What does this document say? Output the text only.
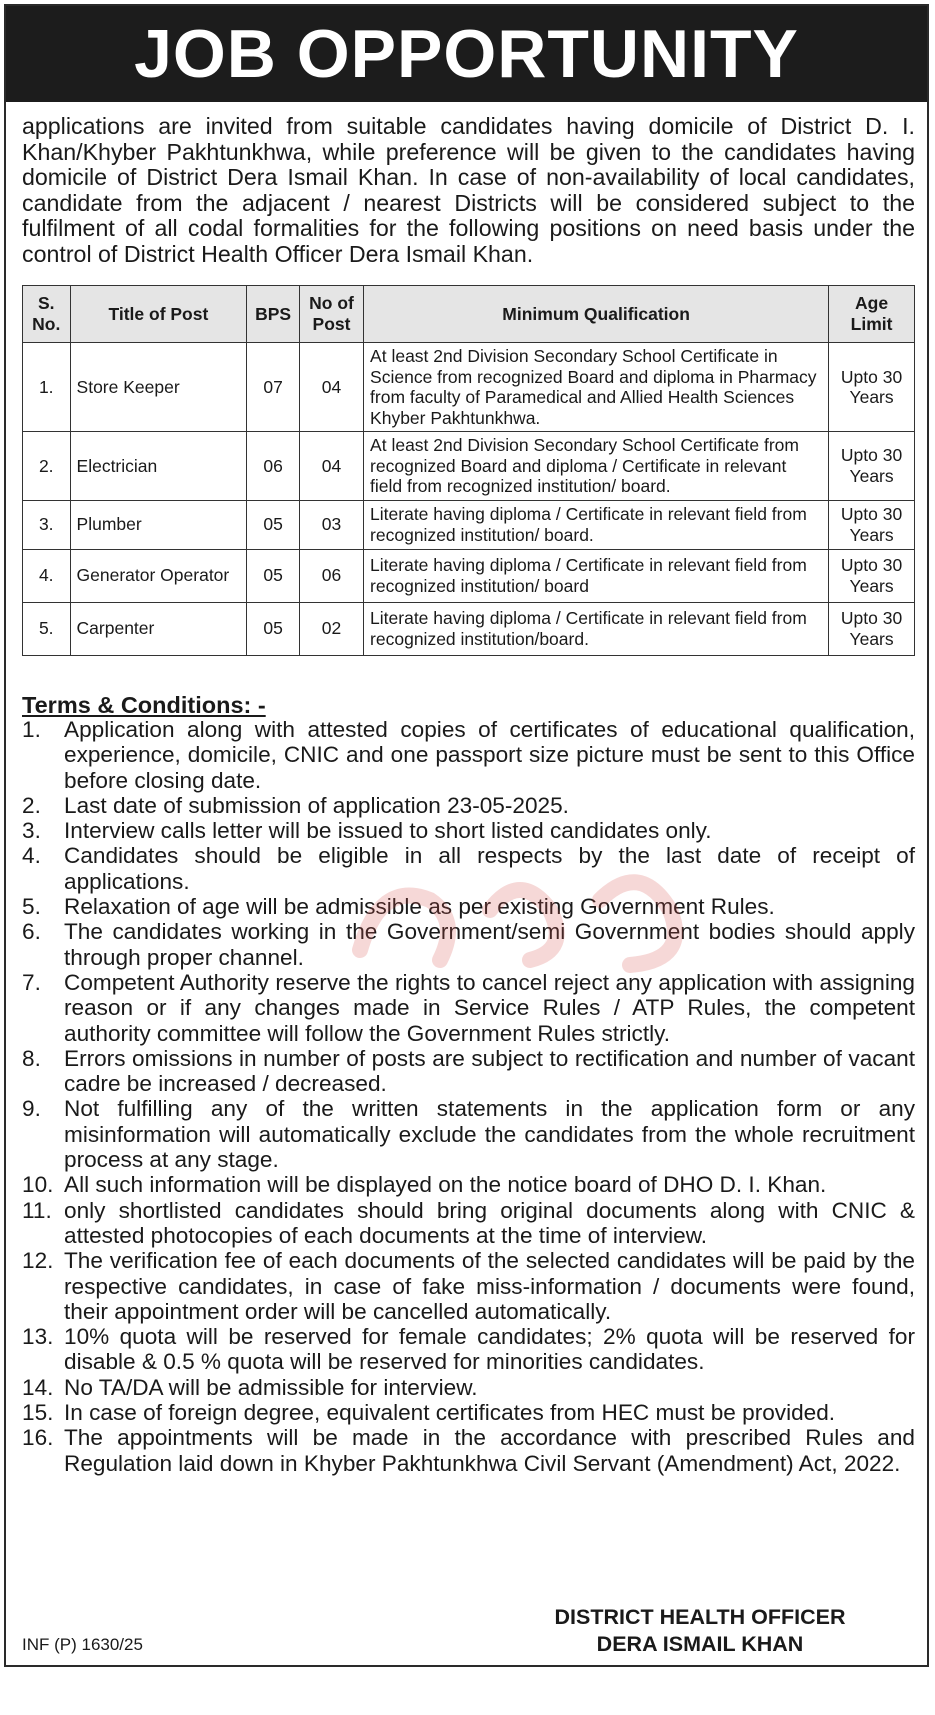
JOB OPPORTUNITY
applications are invited from suitable candidates having domicile of District D. I. Khan/Khyber Pakhtunkhwa, while preference will be given to the candidates having domicile of District Dera Ismail Khan. In case of non-availability of local candidates, candidate from the adjacent / nearest Districts will be considered subject to the fulfilment of all codal formalities for the following positions on need basis under the control of District Health Officer Dera Ismail Khan.
S. No.	Title of Post	BPS	No of Post	Minimum Qualification	Age Limit
1.	Store Keeper	07	04	At least 2nd Division Secondary School Certificate in Science from recognized Board and diploma in Pharmacy from faculty of Paramedical and Allied Health Sciences Khyber Pakhtunkhwa.	Upto 30 Years
2.	Electrician	06	04	At least 2nd Division Secondary School Certificate from recognized Board and diploma / Certificate in relevant field from recognized institution/ board.	Upto 30 Years
3.	Plumber	05	03	Literate having diploma / Certificate in relevant field from recognized institution/ board.	Upto 30 Years
4.	Generator Operator	05	06	Literate having diploma / Certificate in relevant field from recognized institution/ board	Upto 30 Years
5.	Carpenter	05	02	Literate having diploma / Certificate in relevant field from recognized institution/board.	Upto 30 Years
Terms & Conditions: -
1.	Application along with attested copies of certificates of educational qualification, experience, domicile, CNIC and one passport size picture must be sent to this Office before closing date.
2.	Last date of submission of application 23-05-2025.
3.	Interview calls letter will be issued to short listed candidates only.
4.	Candidates should be eligible in all respects by the last date of receipt of applications.
5.	Relaxation of age will be admissible as per existing Government Rules.
6.	The candidates working in the Government/semi Government bodies should apply through proper channel.
7.	Competent Authority reserve the rights to cancel reject any application with assigning reason or if any changes made in Service Rules / ATP Rules, the competent authority committee will follow the Government Rules strictly.
8.	Errors omissions in number of posts are subject to rectification and number of vacant cadre be increased / decreased.
9.	Not fulfilling any of the written statements in the application form or any misinformation will automatically exclude the candidates from the whole recruitment process at any stage.
10. All such information will be displayed on the notice board of DHO D. I. Khan.
11. only shortlisted candidates should bring original documents along with CNIC & attested photocopies of each documents at the time of interview.
12. The verification fee of each documents of the selected candidates will be paid by the respective candidates, in case of fake miss-information / documents were found, their appointment order will be cancelled automatically.
13. 10% quota will be reserved for female candidates; 2% quota will be reserved for disable & 0.5 % quota will be reserved for minorities candidates.
14. No TA/DA will be admissible for interview.
15. In case of foreign degree, equivalent certificates from HEC must be provided.
16. The appointments will be made in the accordance with prescribed Rules and Regulation laid down in Khyber Pakhtunkhwa Civil Servant (Amendment) Act, 2022.
DISTRICT HEALTH OFFICER
DERA ISMAIL KHAN
INF (P) 1630/25
